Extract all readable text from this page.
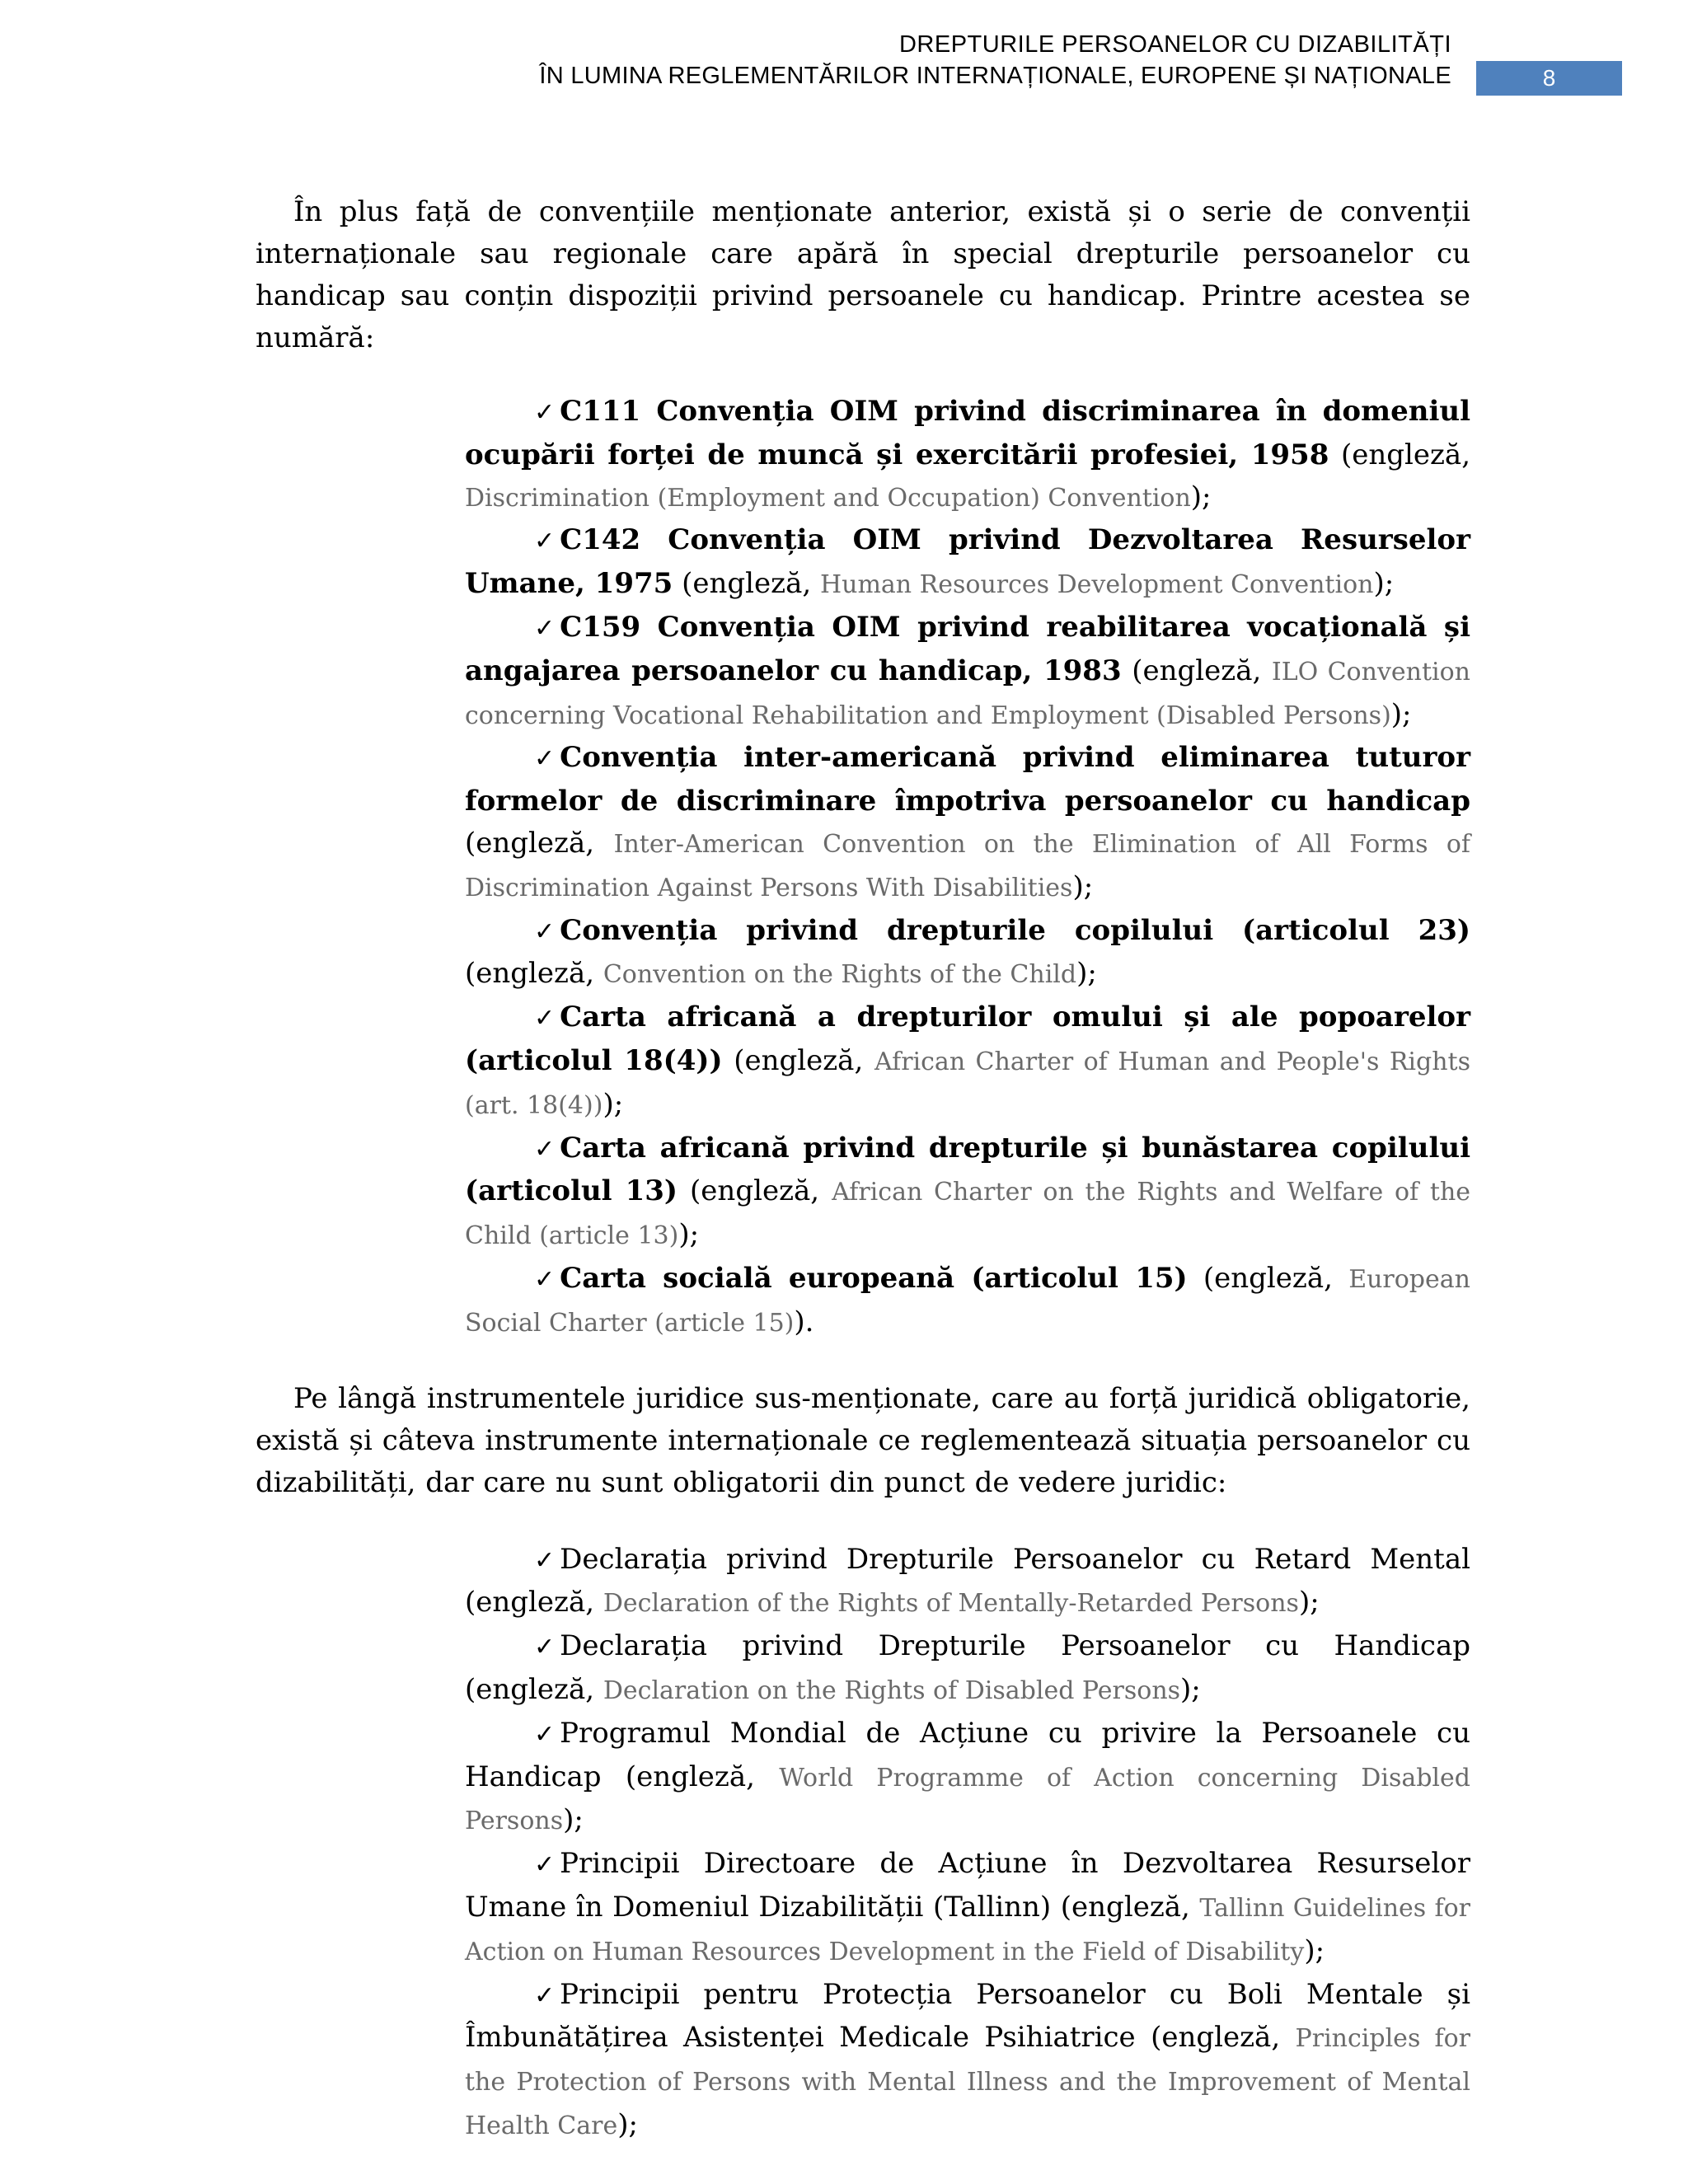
DREPTURILE PERSOANELOR CU DIZABILITĂȚI
ÎN LUMINA REGLEMENTĂRILOR INTERNAȚIONALE, EUROPENE ȘI NAȚIONALE	8

În plus față de convențiile menționate anterior, există și o serie de convenții internaționale sau regionale care apără în special drepturile persoanelor cu handicap sau conțin dispoziții privind persoanele cu handicap. Printre acestea se numără:

✓ C111 Convenția OIM privind discriminarea în domeniul ocupării forței de muncă și exercitării profesiei, 1958 (engleză, Discrimination (Employment and Occupation) Convention);
✓ C142 Convenția OIM privind Dezvoltarea Resurselor Umane, 1975 (engleză, Human Resources Development Convention);
✓ C159 Convenția OIM privind reabilitarea vocațională și angajarea persoanelor cu handicap, 1983 (engleză, ILO Convention concerning Vocational Rehabilitation and Employment (Disabled Persons));
✓ Convenția inter-americană privind eliminarea tuturor formelor de discriminare împotriva persoanelor cu handicap (engleză, Inter-American Convention on the Elimination of All Forms of Discrimination Against Persons With Disabilities);
✓ Convenția privind drepturile copilului (articolul 23) (engleză, Convention on the Rights of the Child);
✓ Carta africană a drepturilor omului și ale popoarelor (articolul 18(4)) (engleză, African Charter of Human and People's Rights (art. 18(4)));
✓ Carta africană privind drepturile și bunăstarea copilului (articolul 13) (engleză, African Charter on the Rights and Welfare of the Child (article 13));
✓ Carta socială europeană (articolul 15) (engleză, European Social Charter (article 15)).

Pe lângă instrumentele juridice sus-menționate, care au forță juridică obligatorie, există și câteva instrumente internaționale ce reglementează situația persoanelor cu dizabilități, dar care nu sunt obligatorii din punct de vedere juridic:

✓ Declarația privind Drepturile Persoanelor cu Retard Mental (engleză, Declaration of the Rights of Mentally-Retarded Persons);
✓ Declarația privind Drepturile Persoanelor cu Handicap (engleză, Declaration on the Rights of Disabled Persons);
✓ Programul Mondial de Acțiune cu privire la Persoanele cu Handicap (engleză, World Programme of Action concerning Disabled Persons);
✓ Principii Directoare de Acțiune în Dezvoltarea Resurselor Umane în Domeniul Dizabilității (Tallinn) (engleză, Tallinn Guidelines for Action on Human Resources Development in the Field of Disability);
✓ Principii pentru Protecția Persoanelor cu Boli Mentale și Îmbunătățirea Asistenței Medicale Psihiatrice (engleză, Principles for the Protection of Persons with Mental Illness and the Improvement of Mental Health Care);
